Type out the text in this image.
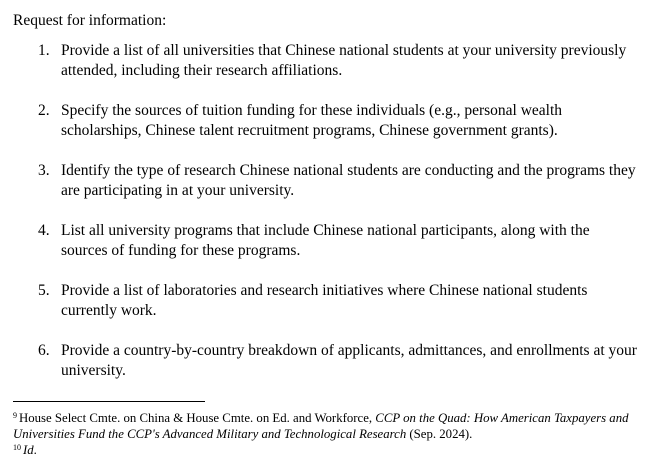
Request for information:
1. Provide a list of all universities that Chinese national students at your university previously attended, including their research affiliations.
2. Specify the sources of tuition funding for these individuals (e.g., personal wealth scholarships, Chinese talent recruitment programs, Chinese government grants).
3. Identify the type of research Chinese national students are conducting and the programs they are participating in at your university.
4. List all university programs that include Chinese national participants, along with the sources of funding for these programs.
5. Provide a list of laboratories and research initiatives where Chinese national students currently work.
6. Provide a country-by-country breakdown of applicants, admittances, and enrollments at your university.
$^9$ House Select Cmte. on China & House Cmte. on Ed. and Workforce, CCP on the Quad: How American Taxpayers and Universities Fund the CCP's Advanced Military and Technological Research (Sep. 2024).
$^{10}$ Id.
